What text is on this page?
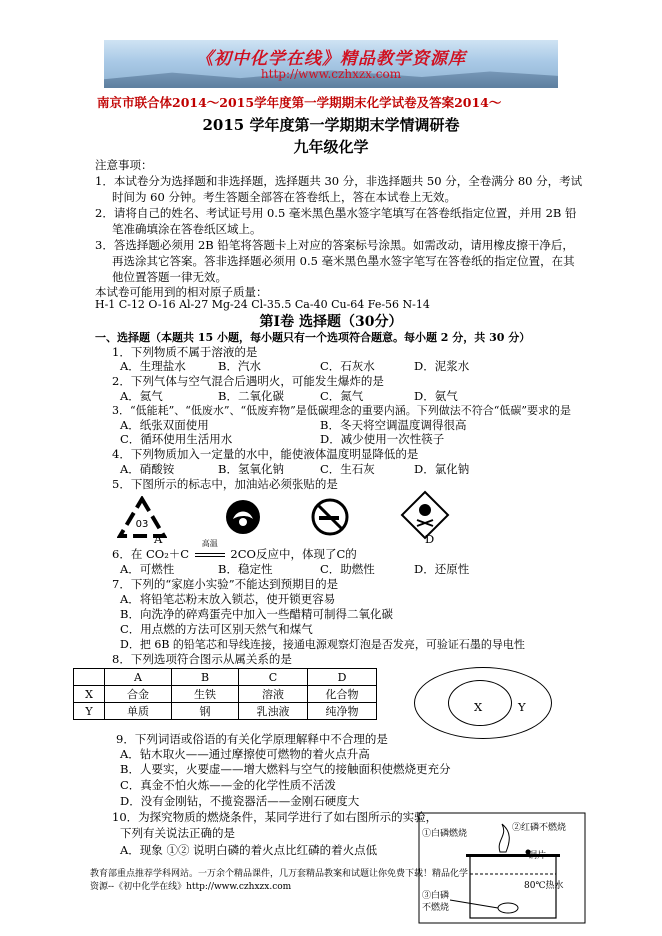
《初中化学在线》精品教学资源库
http://www.czhxzx.com
南京市联合体2014～2015学年度第一学期期末化学试卷及答案2014～
2015 学年度第一学期期末学情调研卷
九年级化学
注意事项：
1．本试卷分为选择题和非选择题，选择题共 30 分，非选择题共 50 分，全卷满分 80 分，考试
时间为 60 分钟。考生答题全部答在答卷纸上，答在本试卷上无效。
2．请将自己的姓名、考试证号用 0.5 毫米黑色墨水签字笔填写在答卷纸指定位置，并用 2B 铅
笔准确填涂在答卷纸区域上。
3．答选择题必须用 2B 铅笔将答题卡上对应的答案标号涂黑。如需改动，请用橡皮擦干净后，
再选涂其它答案。答非选择题必须用 0.5 毫米黑色墨水签字笔写在答卷纸的指定位置，在其
他位置答题一律无效。
本试卷可能用到的相对原子质量：
H-1 C-12 O-16 Al-27 Mg-24 Cl-35.5 Ca-40 Cu-64 Fe-56 N-14
第Ⅰ卷 选择题（30分）
一、选择题（本题共 15 小题，每小题只有一个选项符合题意。每小题 2 分，共 30 分）
1．下列物质不属于溶液的是
A．生理盐水	B．汽水	C．石灰水	D．泥浆水
2．下列气体与空气混合后遇明火，可能发生爆炸的是
A．氦气	B．二氧化碳	C．氮气	D．氨气
3．“低能耗”、“低废水”、“低废弃物”是低碳理念的重要内涵。下列做法不符合“低碳”要求的是
A．纸张双面使用	B．冬天将空调温度调得很高
C．循环使用生活用水	D．减少使用一次性筷子
4．下列物质加入一定量的水中，能使液体温度明显降低的是
A．硝酸铵	B．氢氧化钠	C．生石灰	D．氯化钠
5．下图所示的标志中，加油站必须张贴的是
03
A	D
6．在 CO₂＋C
高温
2CO反应中，体现了C的
A．可燃性	B．稳定性	C．助燃性	D．还原性
7．下列的“家庭小实验”不能达到预期目的是
A．将铅笔芯粉末放入锁芯，使开锁更容易
B．向洗净的碎鸡蛋壳中加入一些醋精可制得二氧化碳
C．用点燃的方法可区别天然气和煤气
D．把 6B 的铅笔芯和导线连接，接通电源观察灯泡是否发亮，可验证石墨的导电性
8．下列选项符合图示从属关系的是
	A	B	C	D
X	合金	生铁	溶液	化合物
Y	单质	钢	乳浊液	纯净物	X	Y
9．下列词语或俗语的有关化学原理解释中不合理的是
A．钻木取火——通过摩擦使可燃物的着火点升高
B．人要实，火要虚——增大燃料与空气的接触面积使燃烧更充分
C．真金不怕火炼——金的化学性质不活泼
D．没有金刚钻，不揽瓷器活——金刚石硬度大
10．为探究物质的燃烧条件，某同学进行了如右图所示的实验，
下列有关说法正确的是
A．现象 ①② 说明白磷的着火点比红磷的着火点低
①白磷燃烧
②红磷不燃烧
铜片
80℃热水
③白磷
不燃烧
教育部重点推荐学科网站。一万余个精品课件，几万套精品教案和试题让你免费下载！精品化学
资源--《初中化学在线》http://www.czhxzx.com
